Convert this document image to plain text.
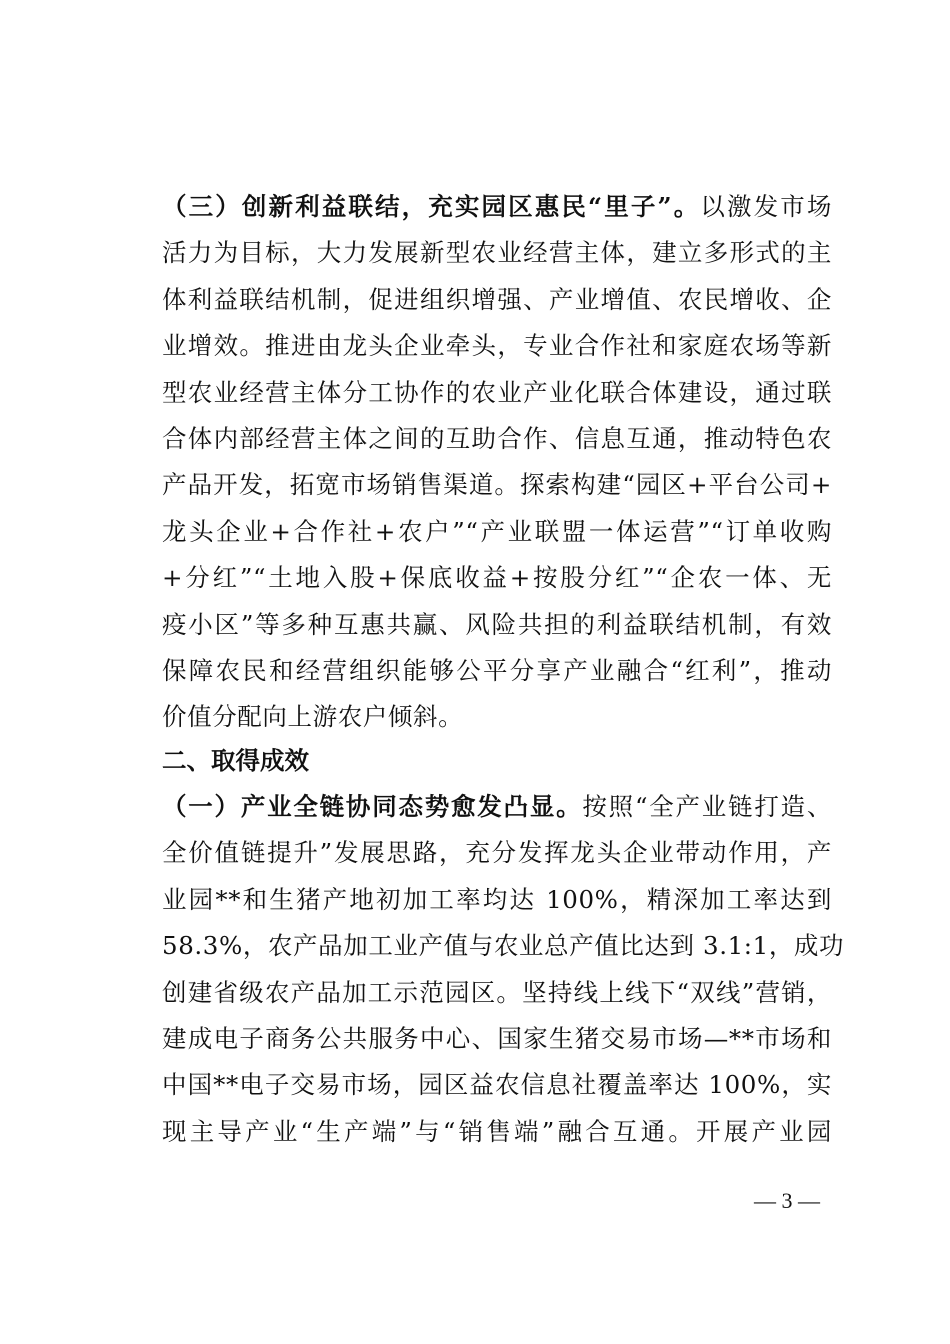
（三）创新利益联结，充实园区惠民“里子”。以激发市场
活力为目标，大力发展新型农业经营主体，建立多形式的主
体利益联结机制，促进组织增强、产业增值、农民增收、企
业增效。推进由龙头企业牵头，专业合作社和家庭农场等新
型农业经营主体分工协作的农业产业化联合体建设，通过联
合体内部经营主体之间的互助合作、信息互通，推动特色农
产品开发，拓宽市场销售渠道。探索构建“园区+平台公司+
龙头企业+合作社+农户”“产业联盟一体运营”“订单收购
+分红”“土地入股+保底收益+按股分红”“企农一体、无
疫小区”等多种互惠共赢、风险共担的利益联结机制，有效
保障农民和经营组织能够公平分享产业融合“红利”，推动
价值分配向上游农户倾斜。
二、取得成效
（一）产业全链协同态势愈发凸显。按照“全产业链打造、
全价值链提升”发展思路，充分发挥龙头企业带动作用，产
业园**和生猪产地初加工率均达 100%，精深加工率达到
58.3%，农产品加工业产值与农业总产值比达到 3.1:1，成功
创建省级农产品加工示范园区。坚持线上线下“双线”营销，
建成电子商务公共服务中心、国家生猪交易市场—**市场和
中国**电子交易市场，园区益农信息社覆盖率达 100%，实
现主导产业“生产端”与“销售端”融合互通。开展产业园
— 3 —
